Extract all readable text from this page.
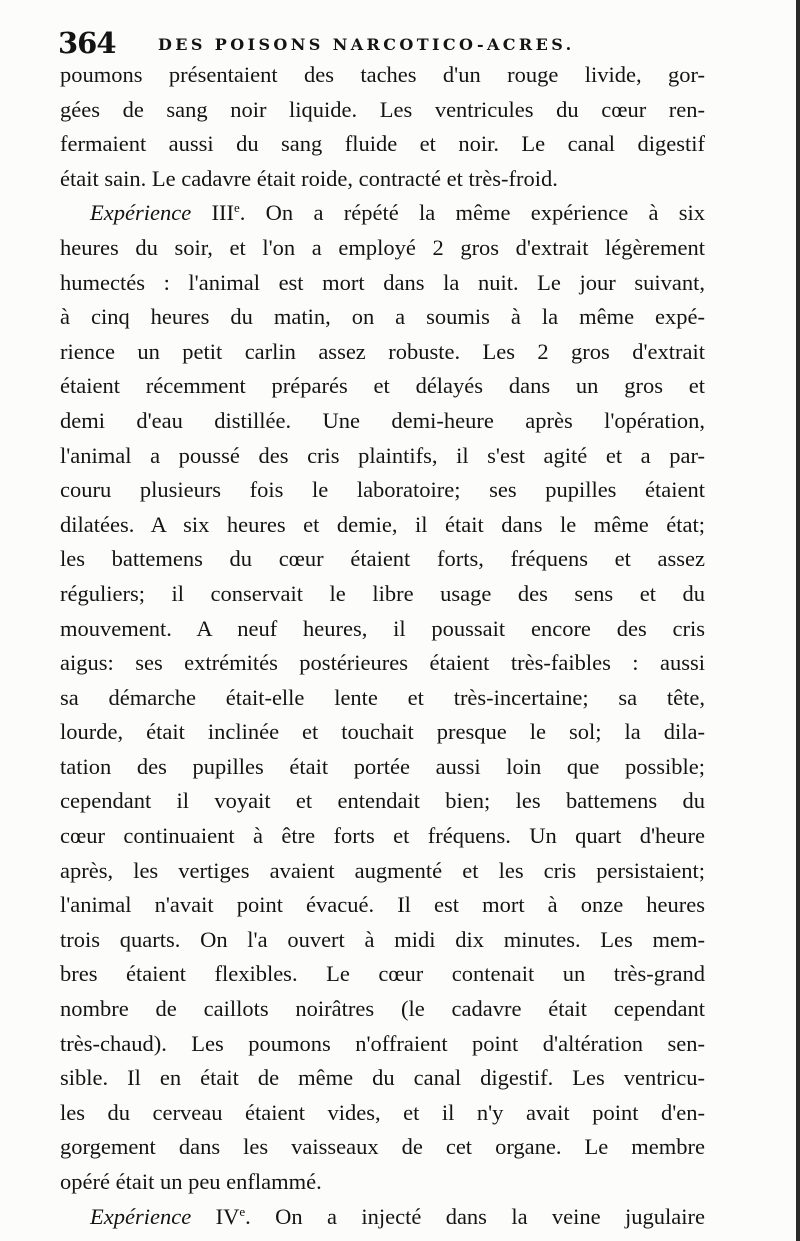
364	DES POISONS NARCOTICO-ACRES.
poumons présentaient des taches d'un rouge livide, gor-
gées de sang noir liquide. Les ventricules du cœur ren-
fermaient aussi du sang fluide et noir. Le canal digestif
était sain. Le cadavre était roide, contracté et très-froid.
Expérience IIIe. On a répété la même expérience à six
heures du soir, et l'on a employé 2 gros d'extrait légèrement
humectés : l'animal est mort dans la nuit. Le jour suivant,
à cinq heures du matin, on a soumis à la même expé-
rience un petit carlin assez robuste. Les 2 gros d'extrait
étaient récemment préparés et délayés dans un gros et
demi d'eau distillée. Une demi-heure après l'opération,
l'animal a poussé des cris plaintifs, il s'est agité et a par-
couru plusieurs fois le laboratoire; ses pupilles étaient
dilatées. A six heures et demie, il était dans le même état;
les battemens du cœur étaient forts, fréquens et assez
réguliers; il conservait le libre usage des sens et du
mouvement. A neuf heures, il poussait encore des cris
aigus: ses extrémités postérieures étaient très-faibles : aussi
sa démarche était-elle lente et très-incertaine; sa tête,
lourde, était inclinée et touchait presque le sol; la dila-
tation des pupilles était portée aussi loin que possible;
cependant il voyait et entendait bien; les battemens du
cœur continuaient à être forts et fréquens. Un quart d'heure
après, les vertiges avaient augmenté et les cris persistaient;
l'animal n'avait point évacué. Il est mort à onze heures
trois quarts. On l'a ouvert à midi dix minutes. Les mem-
bres étaient flexibles. Le cœur contenait un très-grand
nombre de caillots noirâtres (le cadavre était cependant
très-chaud). Les poumons n'offraient point d'altération sen-
sible. Il en était de même du canal digestif. Les ventricu-
les du cerveau étaient vides, et il n'y avait point d'en-
gorgement dans les vaisseaux de cet organe. Le membre
opéré était un peu enflammé.
Expérience IVe. On a injecté dans la veine jugulaire
